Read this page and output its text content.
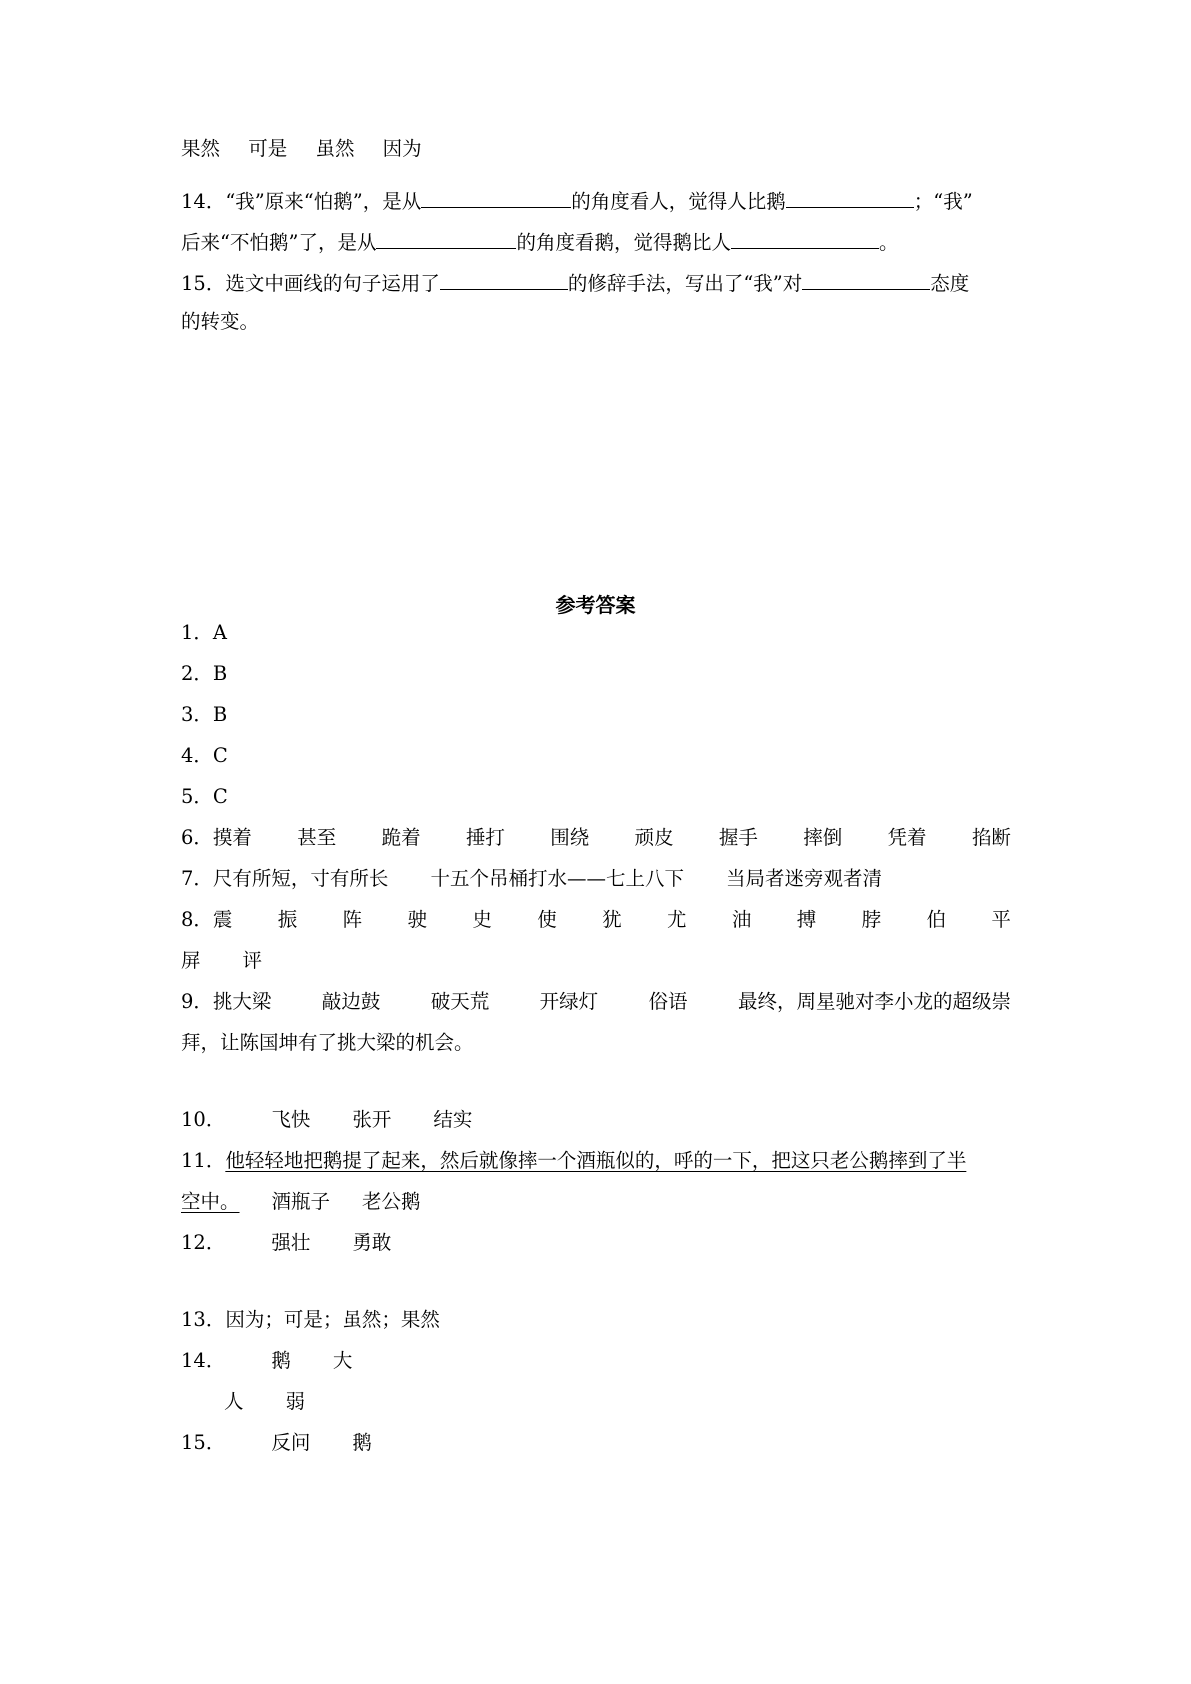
果然 可是 虽然 因为
14．“我”原来“怕鹅”，是从	的角度看人，觉得人比鹅	；“我”
后来“不怕鹅”了，是从	的角度看鹅，觉得鹅比人	。
15．选文中画线的句子运用了	的修辞手法，写出了“我”对	态度
的转变。
参考答案
1．A
2．B
3．B
4．C
5．C
6．摸着 甚至 跪着 捶打 围绕 顽皮 握手 摔倒 凭着 掐断
7．尺有所短，寸有所长 十五个吊桶打水——七上八下 当局者迷旁观者清
8．震 振 阵 驶 史 使 犹 尤 油 搏 脖 伯 平
屏 评
9．挑大梁	敲边鼓	破天荒	开绿灯	俗语	最终，周星驰对李小龙的超级崇
拜，让陈国坤有了挑大梁的机会。
10． 飞快 张开 结实
11．他轻轻地把鹅提了起来，然后就像摔一个酒瓶似的，呼的一下，把这只老公鹅摔到了半
空中。 酒瓶子 老公鹅
12． 强壮 勇敢
13．因为；可是；虽然；果然
14． 鹅 大
人 弱
15． 反问 鹅
